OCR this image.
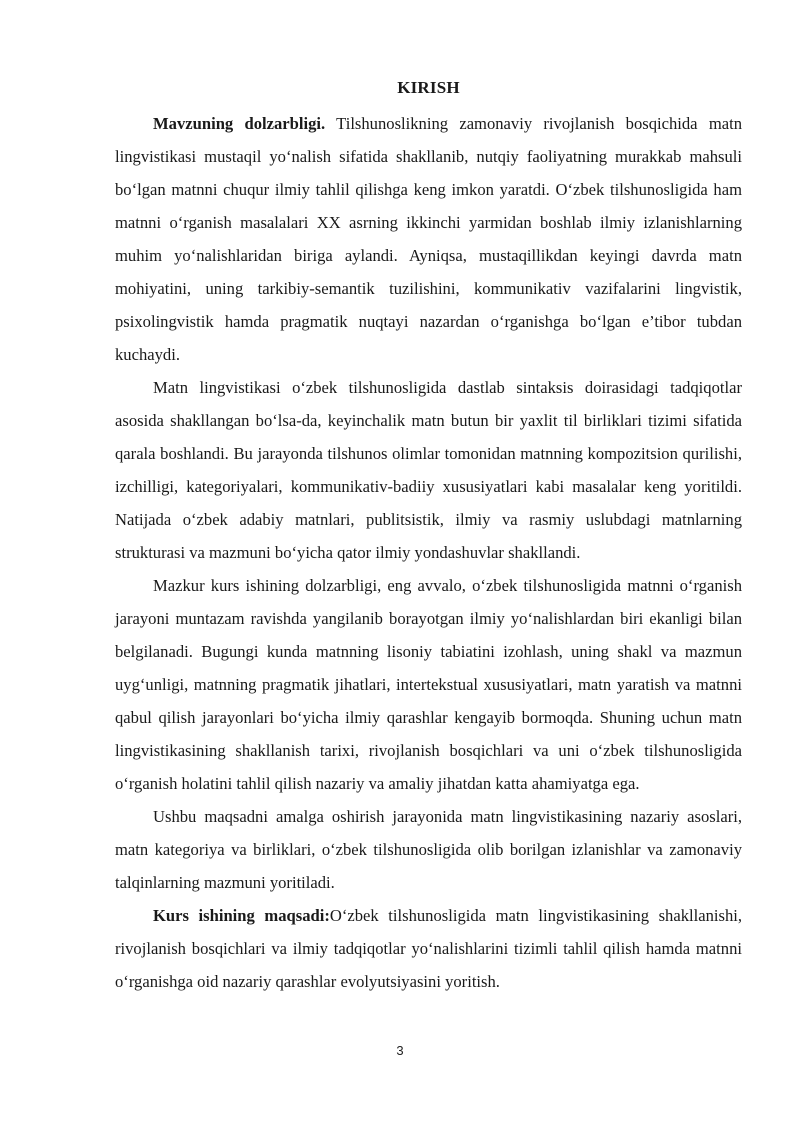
KIRISH

Mavzuning dolzarbligi. Tilshunoslikning zamonaviy rivojlanish bosqichida matn lingvistikasi mustaqil yo‘nalish sifatida shakllanib, nutqiy faoliyatning murakkab mahsuli bo‘lgan matnni chuqur ilmiy tahlil qilishga keng imkon yaratdi. O‘zbek tilshunosligida ham matnni o‘rganish masalalari XX asrning ikkinchi yarmidan boshlab ilmiy izlanishlarning muhim yo‘nalishlaridan biriga aylandi. Ayniqsa, mustaqillikdan keyingi davrda matn mohiyatini, uning tarkibiy-semantik tuzilishini, kommunikativ vazifalarini lingvistik, psixolingvistik hamda pragmatik nuqtayi nazardan o‘rganishga bo‘lgan e’tibor tubdan kuchaydi.

Matn lingvistikasi o‘zbek tilshunosligida dastlab sintaksis doirasidagi tadqiqotlar asosida shakllangan bo‘lsa-da, keyinchalik matn butun bir yaxlit til birliklari tizimi sifatida qarala boshlandi. Bu jarayonda tilshunos olimlar tomonidan matnning kompozitsion qurilishi, izchilligi, kategoriyalari, kommunikativ-badiiy xususiyatlari kabi masalalar keng yoritildi. Natijada o‘zbek adabiy matnlari, publitsistik, ilmiy va rasmiy uslubdagi matnlarning strukturasi va mazmuni bo‘yicha qator ilmiy yondashuvlar shakllandi.

Mazkur kurs ishining dolzarbligi, eng avvalo, o‘zbek tilshunosligida matnni o‘rganish jarayoni muntazam ravishda yangilanib borayotgan ilmiy yo‘nalishlardan biri ekanligi bilan belgilanadi. Bugungi kunda matnning lisoniy tabiatini izohlash, uning shakl va mazmun uyg‘unligi, matnning pragmatik jihatlari, intertekstual xususiyatlari, matn yaratish va matnni qabul qilish jarayonlari bo‘yicha ilmiy qarashlar kengayib bormoqda. Shuning uchun matn lingvistikasining shakllanish tarixi, rivojlanish bosqichlari va uni o‘zbek tilshunosligida o‘rganish holatini tahlil qilish nazariy va amaliy jihatdan katta ahamiyatga ega.

Ushbu maqsadni amalga oshirish jarayonida matn lingvistikasining nazariy asoslari, matn kategoriya va birliklari, o‘zbek tilshunosligida olib borilgan izlanishlar va zamonaviy talqinlarning mazmuni yoritiladi.

Kurs ishining maqsadi:O‘zbek tilshunosligida matn lingvistikasining shakllanishi, rivojlanish bosqichlari va ilmiy tadqiqotlar yo‘nalishlarini tizimli tahlil qilish hamda matnni o‘rganishga oid nazariy qarashlar evolyutsiyasini yoritish.

3
